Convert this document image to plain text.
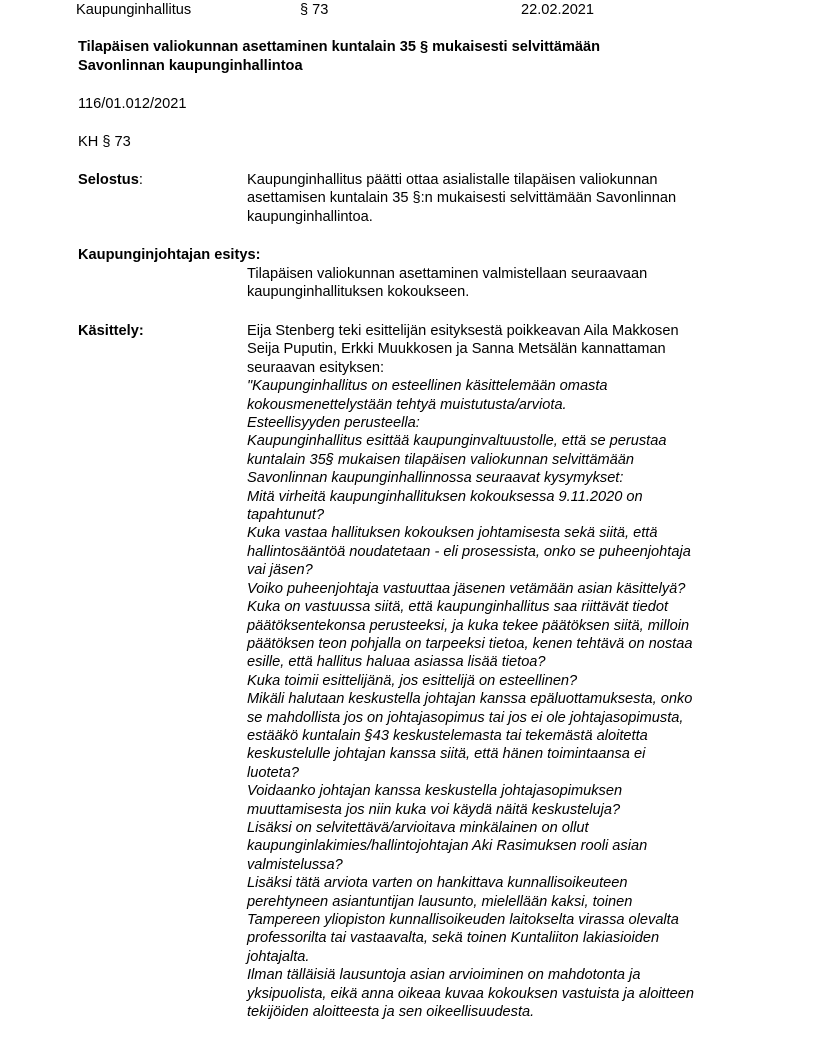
Kaupunginhallitus	§ 73	22.02.2021
Tilapäisen valiokunnan asettaminen kuntalain 35 § mukaisesti selvittämään
Savonlinnan kaupunginhallintoa
116/01.012/2021
KH § 73
Selostus:	Kaupunginhallitus päätti ottaa asialistalle tilapäisen valiokunnan
asettamisen kuntalain 35 §:n mukaisesti selvittämään Savonlinnan
kaupunginhallintoa.
Kaupunginjohtajan esitys:
Tilapäisen valiokunnan asettaminen valmistellaan seuraavaan
kaupunginhallituksen kokoukseen.
Käsittely:	Eija Stenberg teki esittelijän esityksestä poikkeavan Aila Makkosen
Seija Puputin, Erkki Muukkosen ja Sanna Metsälän kannattaman
seuraavan esityksen:
"Kaupunginhallitus on esteellinen käsittelemään omasta
kokousmenettelystään tehtyä muistutusta/arviota.
Esteellisyyden perusteella:
Kaupunginhallitus esittää kaupunginvaltuustolle, että se perustaa
kuntalain 35§ mukaisen tilapäisen valiokunnan selvittämään
Savonlinnan kaupunginhallinnossa seuraavat kysymykset:
Mitä virheitä kaupunginhallituksen kokouksessa 9.11.2020 on
tapahtunut?
Kuka vastaa hallituksen kokouksen johtamisesta sekä siitä, että
hallintosääntöä noudatetaan - eli prosessista, onko se puheenjohtaja
vai jäsen?
Voiko puheenjohtaja vastuuttaa jäsenen vetämään asian käsittelyä?
Kuka on vastuussa siitä, että kaupunginhallitus saa riittävät tiedot
päätöksentekonsa perusteeksi, ja kuka tekee päätöksen siitä, milloin
päätöksen teon pohjalla on tarpeeksi tietoa, kenen tehtävä on nostaa
esille, että hallitus haluaa asiassa lisää tietoa?
Kuka toimii esittelijänä, jos esittelijä on esteellinen?
Mikäli halutaan keskustella johtajan kanssa epäluottamuksesta, onko
se mahdollista jos on johtajasopimus tai jos ei ole johtajasopimusta,
estääkö kuntalain §43 keskustelemasta tai tekemästä aloitetta
keskustelulle johtajan kanssa siitä, että hänen toimintaansa ei
luoteta?
Voidaanko johtajan kanssa keskustella johtajasopimuksen
muuttamisesta jos niin kuka voi käydä näitä keskusteluja?
Lisäksi on selvitettävä/arvioitava minkälainen on ollut
kaupunginlakimies/hallintojohtajan Aki Rasimuksen rooli asian
valmistelussa?
Lisäksi tätä arviota varten on hankittava kunnallisoikeuteen
perehtyneen asiantuntijan lausunto, mielellään kaksi, toinen
Tampereen yliopiston kunnallisoikeuden laitokselta virassa olevalta
professorilta tai vastaavalta, sekä toinen Kuntaliiton lakiasioiden
johtajalta.
Ilman tälläisiä lausuntoja asian arvioiminen on mahdotonta ja
yksipuolista, eikä anna oikeaa kuvaa kokouksen vastuista ja aloitteen
tekijöiden aloitteesta ja sen oikeellisuudesta.
